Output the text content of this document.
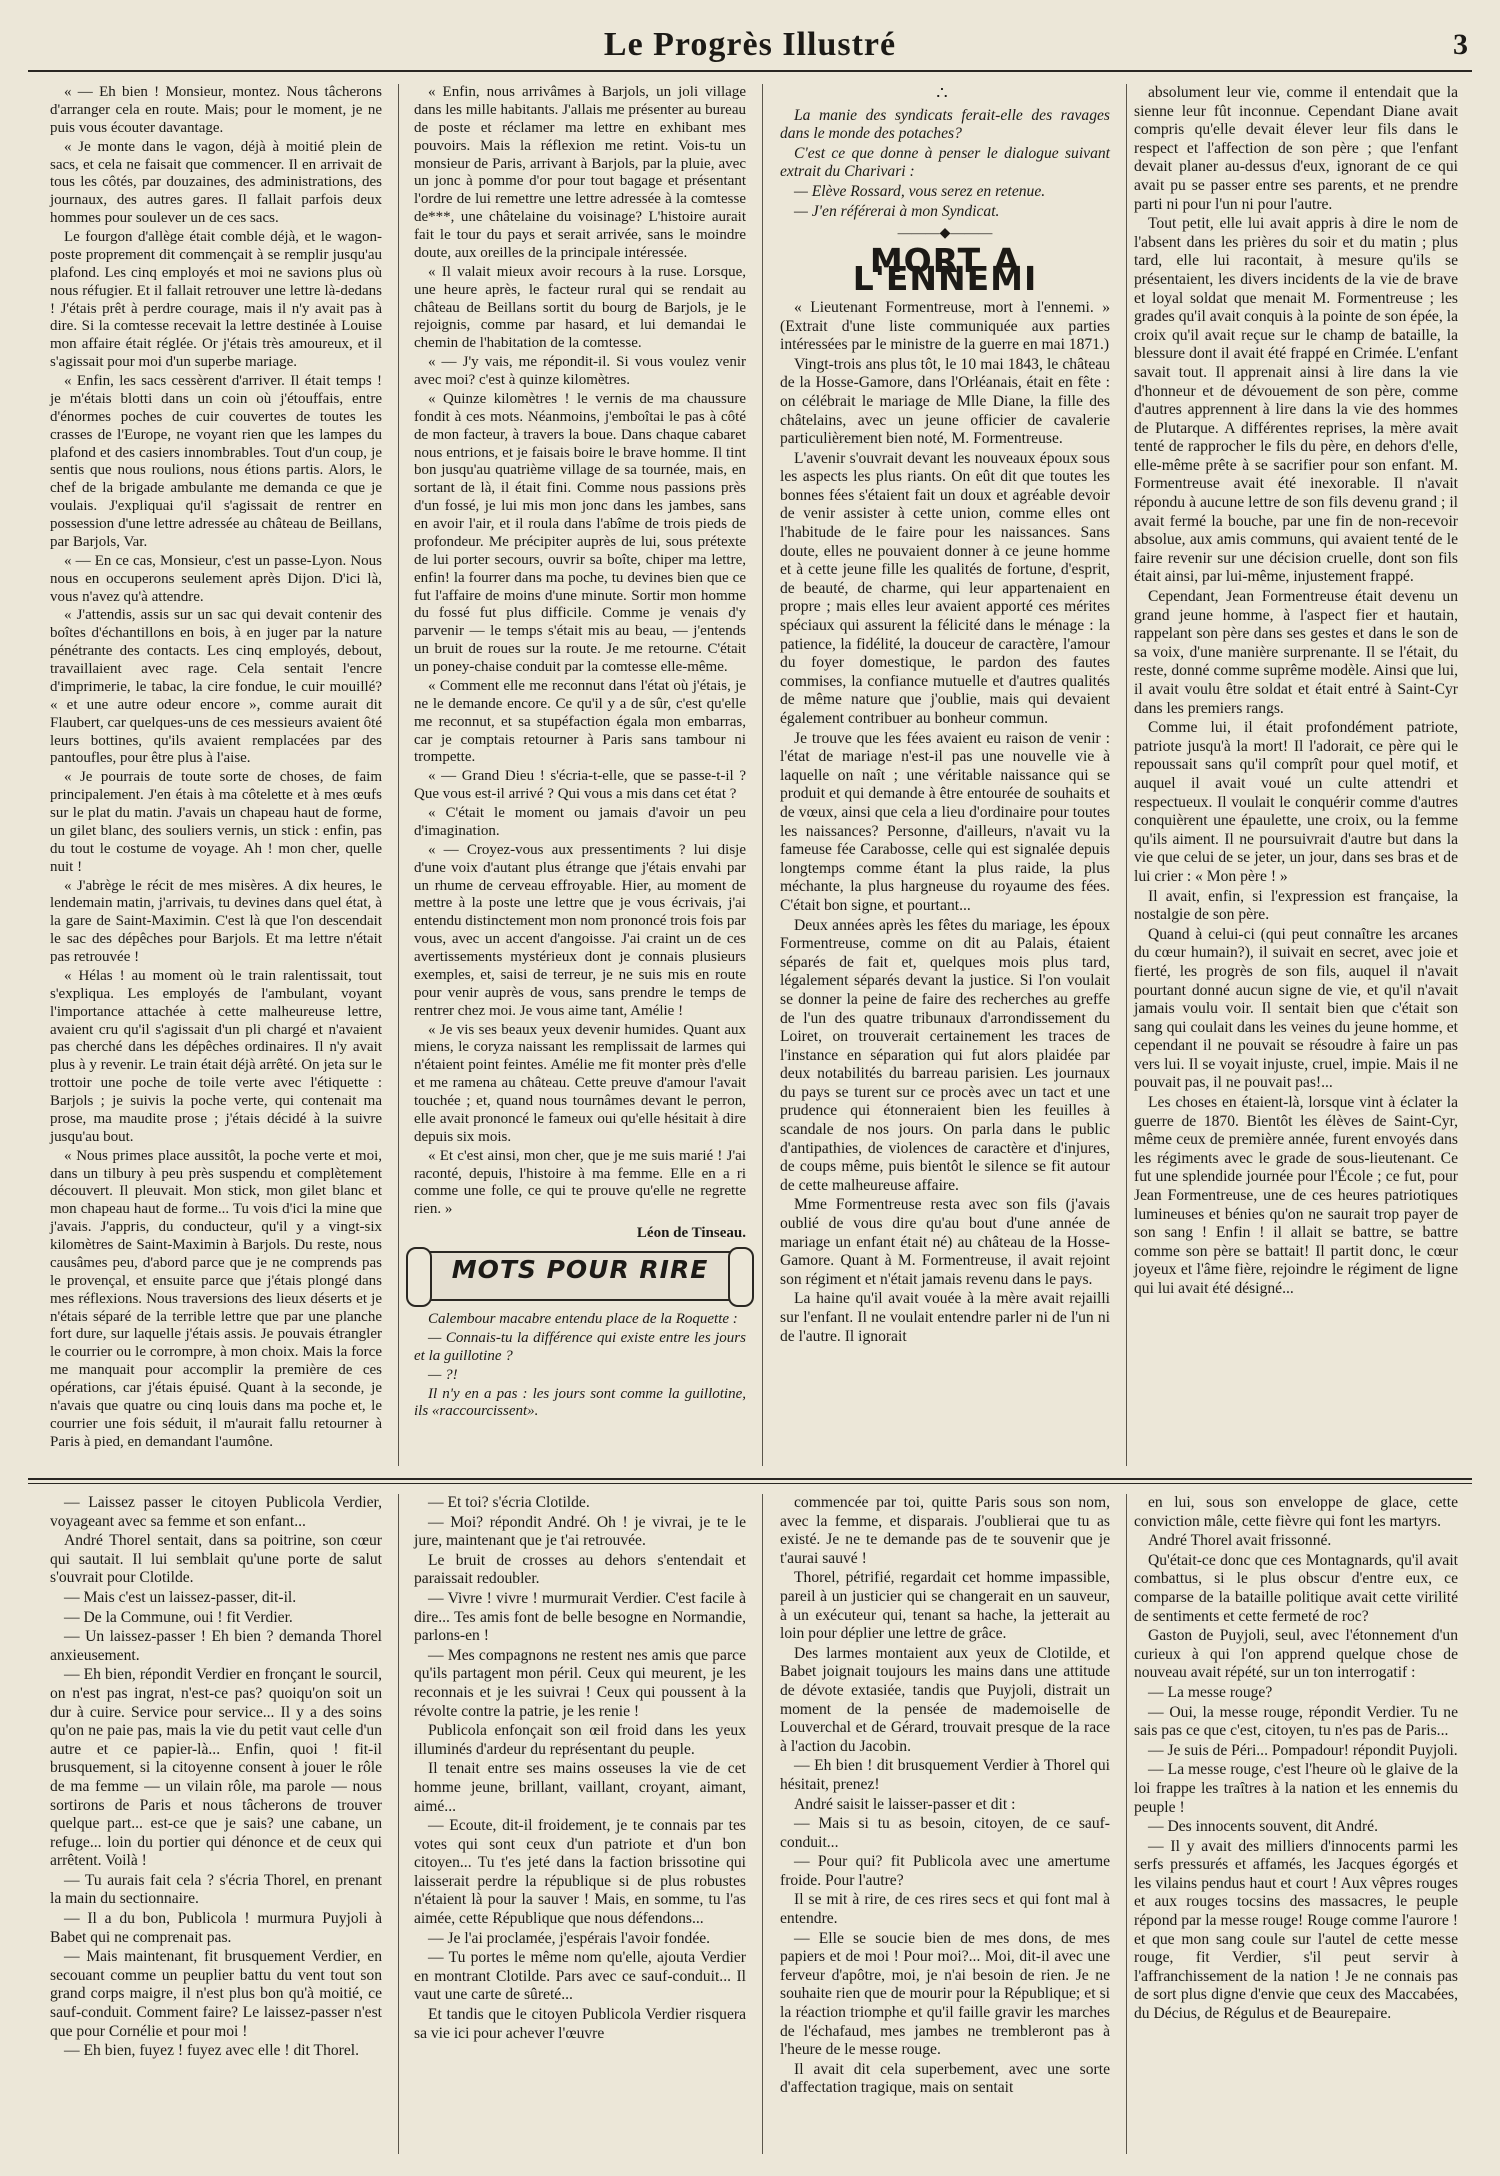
Le Progrès Illustré	3

« — Eh bien ! Monsieur, montez. Nous tâcherons d'arranger cela en route. Mais; pour le moment, je ne puis vous écouter davantage.

« Je monte dans le vagon, déjà à moitié plein de sacs, et cela ne faisait que commencer. Il en arrivait de tous les côtés, par douzaines, des administrations, des journaux, des autres gares. Il fallait parfois deux hommes pour soulever un de ces sacs.

Le fourgon d'allège était comble déjà, et le wagon-poste proprement dit commençait à se remplir jusqu'au plafond. Les cinq employés et moi ne savions plus où nous réfugier. Et il fallait retrouver une lettre là-dedans ! J'étais prêt à perdre courage, mais il n'y avait pas à dire. Si la comtesse recevait la lettre destinée à Louise mon affaire était réglée. Or j'étais très amoureux, et il s'agissait pour moi d'un superbe mariage.

« Enfin, les sacs cessèrent d'arriver. Il était temps ! je m'étais blotti dans un coin où j'étouffais, entre d'énormes poches de cuir couvertes de toutes les crasses de l'Europe, ne voyant rien que les lampes du plafond et des casiers innombrables. Tout d'un coup, je sentis que nous roulions, nous étions partis. Alors, le chef de la brigade ambulante me demanda ce que je voulais. J'expliquai qu'il s'agissait de rentrer en possession d'une lettre adressée au château de Beillans, par Barjols, Var.

« — En ce cas, Monsieur, c'est un passe-Lyon. Nous nous en occuperons seulement après Dijon. D'ici là, vous n'avez qu'à attendre.

« J'attendis, assis sur un sac qui devait contenir des boîtes d'échantillons en bois, à en juger par la nature pénétrante des contacts. Les cinq employés, debout, travaillaient avec rage. Cela sentait l'encre d'imprimerie, le tabac, la cire fondue, le cuir mouillé? « et une autre odeur encore », comme aurait dit Flaubert, car quelques-uns de ces messieurs avaient ôté leurs bottines, qu'ils avaient remplacées par des pantoufles, pour être plus à l'aise.

« Je pourrais de toute sorte de choses, de faim principalement. J'en étais à ma côtelette et à mes œufs sur le plat du matin. J'avais un chapeau haut de forme, un gilet blanc, des souliers vernis, un stick : enfin, pas du tout le costume de voyage. Ah ! mon cher, quelle nuit !

« J'abrège le récit de mes misères. A dix heures, le lendemain matin, j'arrivais, tu devines dans quel état, à la gare de Saint-Maximin. C'est là que l'on descendait le sac des dépêches pour Barjols. Et ma lettre n'était pas retrouvée !

« Hélas ! au moment où le train ralentissait, tout s'expliqua. Les employés de l'ambulant, voyant l'importance attachée à cette malheureuse lettre, avaient cru qu'il s'agissait d'un pli chargé et n'avaient pas cherché dans les dépêches ordinaires. Il n'y avait plus à y revenir. Le train était déjà arrêté. On jeta sur le trottoir une poche de toile verte avec l'étiquette : Barjols ; je suivis la poche verte, qui contenait ma prose, ma maudite prose ; j'étais décidé à la suivre jusqu'au bout.

« Nous primes place aussitôt, la poche verte et moi, dans un tilbury à peu près suspendu et complètement découvert. Il pleuvait. Mon stick, mon gilet blanc et mon chapeau haut de forme... Tu vois d'ici la mine que j'avais. J'appris, du conducteur, qu'il y a vingt-six kilomètres de Saint-Maximin à Barjols. Du reste, nous causâmes peu, d'abord parce que je ne comprends pas le provençal, et ensuite parce que j'étais plongé dans mes réflexions. Nous traversions des lieux déserts et je n'étais séparé de la terrible lettre que par une planche fort dure, sur laquelle j'étais assis. Je pouvais étrangler le courrier ou le corrompre, à mon choix. Mais la force me manquait pour accomplir la première de ces opérations, car j'étais épuisé. Quant à la seconde, je n'avais que quatre ou cinq louis dans ma poche et, le courrier une fois séduit, il m'aurait fallu retourner à Paris à pied, en demandant l'aumône.

« Enfin, nous arrivâmes à Barjols, un joli village dans les mille habitants. J'allais me présenter au bureau de poste et réclamer ma lettre en exhibant mes pouvoirs. Mais la réflexion me retint. Vois-tu un monsieur de Paris, arrivant à Barjols, par la pluie, avec un jonc à pomme d'or pour tout bagage et présentant l'ordre de lui remettre une lettre adressée à la comtesse de***, une châtelaine du voisinage? L'histoire aurait fait le tour du pays et serait arrivée, sans le moindre doute, aux oreilles de la principale intéressée.

« Il valait mieux avoir recours à la ruse. Lorsque, une heure après, le facteur rural qui se rendait au château de Beillans sortit du bourg de Barjols, je le rejoignis, comme par hasard, et lui demandai le chemin de l'habitation de la comtesse.

« — J'y vais, me répondit-il. Si vous voulez venir avec moi? c'est à quinze kilomètres.

« Quinze kilomètres ! le vernis de ma chaussure fondit à ces mots. Néanmoins, j'emboîtai le pas à côté de mon facteur, à travers la boue. Dans chaque cabaret nous entrions, et je faisais boire le brave homme. Il tint bon jusqu'au quatrième village de sa tournée, mais, en sortant de là, il était fini. Comme nous passions près d'un fossé, je lui mis mon jonc dans les jambes, sans en avoir l'air, et il roula dans l'abîme de trois pieds de profondeur. Me précipiter auprès de lui, sous prétexte de lui porter secours, ouvrir sa boîte, chiper ma lettre, enfin! la fourrer dans ma poche, tu devines bien que ce fut l'affaire de moins d'une minute. Sortir mon homme du fossé fut plus difficile. Comme je venais d'y parvenir — le temps s'était mis au beau, — j'entends un bruit de roues sur la route. Je me retourne. C'était un poney-chaise conduit par la comtesse elle-même.

« Comment elle me reconnut dans l'état où j'étais, je ne le demande encore. Ce qu'il y a de sûr, c'est qu'elle me reconnut, et sa stupéfaction égala mon embarras, car je comptais retourner à Paris sans tambour ni trompette.

« — Grand Dieu ! s'écria-t-elle, que se passe-t-il ? Que vous est-il arrivé ? Qui vous a mis dans cet état ?

« C'était le moment ou jamais d'avoir un peu d'imagination.

« — Croyez-vous aux pressentiments ? lui disje d'une voix d'autant plus étrange que j'étais envahi par un rhume de cerveau effroyable. Hier, au moment de mettre à la poste une lettre que je vous écrivais, j'ai entendu distinctement mon nom prononcé trois fois par vous, avec un accent d'angoisse. J'ai craint un de ces avertissements mystérieux dont je connais plusieurs exemples, et, saisi de terreur, je ne suis mis en route pour venir auprès de vous, sans prendre le temps de rentrer chez moi. Je vous aime tant, Amélie !

« Je vis ses beaux yeux devenir humides. Quant aux miens, le coryza naissant les remplissait de larmes qui n'étaient point feintes. Amélie me fit monter près d'elle et me ramena au château. Cette preuve d'amour l'avait touchée ; et, quand nous tournâmes devant le perron, elle avait prononcé le fameux oui qu'elle hésitait à dire depuis six mois.

« Et c'est ainsi, mon cher, que je me suis marié ! J'ai raconté, depuis, l'histoire à ma femme. Elle en a ri comme une folle, ce qui te prouve qu'elle ne regrette rien. »

Léon de Tinseau.

MOTS POUR RIRE

Calembour macabre entendu place de la Roquette :

— Connais-tu la différence qui existe entre les jours et la guillotine ?

— ?!

Il n'y en a pas : les jours sont comme la guillotine, ils «raccourcissent».

∴

La manie des syndicats ferait-elle des ravages dans le monde des potaches?

C'est ce que donne à penser le dialogue suivant extrait du Charivari :

— Elève Rossard, vous serez en retenue.

— J'en référerai à mon Syndicat.

———◆———
MORT A L'ENNEMI

« Lieutenant Formentreuse, mort à l'ennemi. » (Extrait d'une liste communiquée aux parties intéressées par le ministre de la guerre en mai 1871.)

Vingt-trois ans plus tôt, le 10 mai 1843, le château de la Hosse-Gamore, dans l'Orléanais, était en fête : on célébrait le mariage de Mlle Diane, la fille des châtelains, avec un jeune officier de cavalerie particulièrement bien noté, M. Formentreuse.

L'avenir s'ouvrait devant les nouveaux époux sous les aspects les plus riants. On eût dit que toutes les bonnes fées s'étaient fait un doux et agréable devoir de venir assister à cette union, comme elles ont l'habitude de le faire pour les naissances. Sans doute, elles ne pouvaient donner à ce jeune homme et à cette jeune fille les qualités de fortune, d'esprit, de beauté, de charme, qui leur appartenaient en propre ; mais elles leur avaient apporté ces mérites spéciaux qui assurent la félicité dans le ménage : la patience, la fidélité, la douceur de caractère, l'amour du foyer domestique, le pardon des fautes commises, la confiance mutuelle et d'autres qualités de même nature que j'oublie, mais qui devaient également contribuer au bonheur commun.

Je trouve que les fées avaient eu raison de venir : l'état de mariage n'est-il pas une nouvelle vie à laquelle on naît ; une véritable naissance qui se produit et qui demande à être entourée de souhaits et de vœux, ainsi que cela a lieu d'ordinaire pour toutes les naissances? Personne, d'ailleurs, n'avait vu la fameuse fée Carabosse, celle qui est signalée depuis longtemps comme étant la plus raide, la plus méchante, la plus hargneuse du royaume des fées. C'était bon signe, et pourtant...

Deux années après les fêtes du mariage, les époux Formentreuse, comme on dit au Palais, étaient séparés de fait et, quelques mois plus tard, légalement séparés devant la justice. Si l'on voulait se donner la peine de faire des recherches au greffe de l'un des quatre tribunaux d'arrondissement du Loiret, on trouverait certainement les traces de l'instance en séparation qui fut alors plaidée par deux notabilités du barreau parisien. Les journaux du pays se turent sur ce procès avec un tact et une prudence qui étonneraient bien les feuilles à scandale de nos jours. On parla dans le public d'antipathies, de violences de caractère et d'injures, de coups même, puis bientôt le silence se fit autour de cette malheureuse affaire.

Mme Formentreuse resta avec son fils (j'avais oublié de vous dire qu'au bout d'une année de mariage un enfant était né) au château de la Hosse-Gamore. Quant à M. Formentreuse, il avait rejoint son régiment et n'était jamais revenu dans le pays.

La haine qu'il avait vouée à la mère avait rejailli sur l'enfant. Il ne voulait entendre parler ni de l'un ni de l'autre. Il ignorait

absolument leur vie, comme il entendait que la sienne leur fût inconnue. Cependant Diane avait compris qu'elle devait élever leur fils dans le respect et l'affection de son père ; que l'enfant devait planer au-dessus d'eux, ignorant de ce qui avait pu se passer entre ses parents, et ne prendre parti ni pour l'un ni pour l'autre.

Tout petit, elle lui avait appris à dire le nom de l'absent dans les prières du soir et du matin ; plus tard, elle lui racontait, à mesure qu'ils se présentaient, les divers incidents de la vie de brave et loyal soldat que menait M. Formentreuse ; les grades qu'il avait conquis à la pointe de son épée, la croix qu'il avait reçue sur le champ de bataille, la blessure dont il avait été frappé en Crimée. L'enfant savait tout. Il apprenait ainsi à lire dans la vie d'honneur et de dévouement de son père, comme d'autres apprennent à lire dans la vie des hommes de Plutarque. A différentes reprises, la mère avait tenté de rapprocher le fils du père, en dehors d'elle, elle-même prête à se sacrifier pour son enfant. M. Formentreuse avait été inexorable. Il n'avait répondu à aucune lettre de son fils devenu grand ; il avait fermé la bouche, par une fin de non-recevoir absolue, aux amis communs, qui avaient tenté de le faire revenir sur une décision cruelle, dont son fils était ainsi, par lui-même, injustement frappé.

Cependant, Jean Formentreuse était devenu un grand jeune homme, à l'aspect fier et hautain, rappelant son père dans ses gestes et dans le son de sa voix, d'une manière surprenante. Il se l'était, du reste, donné comme suprême modèle. Ainsi que lui, il avait voulu être soldat et était entré à Saint-Cyr dans les premiers rangs.

Comme lui, il était profondément patriote, patriote jusqu'à la mort! Il l'adorait, ce père qui le repoussait sans qu'il comprît pour quel motif, et auquel il avait voué un culte attendri et respectueux. Il voulait le conquérir comme d'autres conquièrent une épaulette, une croix, ou la femme qu'ils aiment. Il ne poursuivrait d'autre but dans la vie que celui de se jeter, un jour, dans ses bras et de lui crier : « Mon père ! »

Il avait, enfin, si l'expression est française, la nostalgie de son père.

Quand à celui-ci (qui peut connaître les arcanes du cœur humain?), il suivait en secret, avec joie et fierté, les progrès de son fils, auquel il n'avait pourtant donné aucun signe de vie, et qu'il n'avait jamais voulu voir. Il sentait bien que c'était son sang qui coulait dans les veines du jeune homme, et cependant il ne pouvait se résoudre à faire un pas vers lui. Il se voyait injuste, cruel, impie. Mais il ne pouvait pas, il ne pouvait pas!...

Les choses en étaient-là, lorsque vint à éclater la guerre de 1870. Bientôt les élèves de Saint-Cyr, même ceux de première année, furent envoyés dans les régiments avec le grade de sous-lieutenant. Ce fut une splendide journée pour l'École ; ce fut, pour Jean Formentreuse, une de ces heures patriotiques lumineuses et bénies qu'on ne saurait trop payer de son sang ! Enfin ! il allait se battre, se battre comme son père se battait! Il partit donc, le cœur joyeux et l'âme fière, rejoindre le régiment de ligne qui lui avait été désigné...

— Laissez passer le citoyen Publicola Verdier, voyageant avec sa femme et son enfant...

André Thorel sentait, dans sa poitrine, son cœur qui sautait. Il lui semblait qu'une porte de salut s'ouvrait pour Clotilde.

— Mais c'est un laissez-passer, dit-il.

— De la Commune, oui ! fit Verdier.

— Un laissez-passer ! Eh bien ? demanda Thorel anxieusement.

— Eh bien, répondit Verdier en fronçant le sourcil, on n'est pas ingrat, n'est-ce pas? quoiqu'on soit un dur à cuire. Service pour service... Il y a des soins qu'on ne paie pas, mais la vie du petit vaut celle d'un autre et ce papier-là... Enfin, quoi ! fit-il brusquement, si la citoyenne consent à jouer le rôle de ma femme — un vilain rôle, ma parole — nous sortirons de Paris et nous tâcherons de trouver quelque part... est-ce que je sais? une cabane, un refuge... loin du portier qui dénonce et de ceux qui arrêtent. Voilà !

— Tu aurais fait cela ? s'écria Thorel, en prenant la main du sectionnaire.

— Il a du bon, Publicola ! murmura Puyjoli à Babet qui ne comprenait pas.

— Mais maintenant, fit brusquement Verdier, en secouant comme un peuplier battu du vent tout son grand corps maigre, il n'est plus bon qu'à moitié, ce sauf-conduit. Comment faire? Le laissez-passer n'est que pour Cornélie et pour moi !

— Eh bien, fuyez ! fuyez avec elle ! dit Thorel.

— Et toi? s'écria Clotilde.

— Moi? répondit André. Oh ! je vivrai, je te le jure, maintenant que je t'ai retrouvée.

Le bruit de crosses au dehors s'entendait et paraissait redoubler.

— Vivre ! vivre ! murmurait Verdier. C'est facile à dire... Tes amis font de belle besogne en Normandie, parlons-en !

— Mes compagnons ne restent nes amis que parce qu'ils partagent mon péril. Ceux qui meurent, je les reconnais et je les suivrai ! Ceux qui poussent à la révolte contre la patrie, je les renie !

Publicola enfonçait son œil froid dans les yeux illuminés d'ardeur du représentant du peuple.

Il tenait entre ses mains osseuses la vie de cet homme jeune, brillant, vaillant, croyant, aimant, aimé...

— Ecoute, dit-il froidement, je te connais par tes votes qui sont ceux d'un patriote et d'un bon citoyen... Tu t'es jeté dans la faction brissotine qui laisserait perdre la république si de plus robustes n'étaient là pour la sauver ! Mais, en somme, tu l'as aimée, cette République que nous défendons...

— Je l'ai proclamée, j'espérais l'avoir fondée.

— Tu portes le même nom qu'elle, ajouta Verdier en montrant Clotilde. Pars avec ce sauf-conduit... Il vaut une carte de sûreté...

Et tandis que le citoyen Publicola Verdier risquera sa vie ici pour achever l'œuvre

commencée par toi, quitte Paris sous son nom, avec la femme, et disparais. J'oublierai que tu as existé. Je ne te demande pas de te souvenir que je t'aurai sauvé !

Thorel, pétrifié, regardait cet homme impassible, pareil à un justicier qui se changerait en un sauveur, à un exécuteur qui, tenant sa hache, la jetterait au loin pour déplier une lettre de grâce.

Des larmes montaient aux yeux de Clotilde, et Babet joignait toujours les mains dans une attitude de dévote extasiée, tandis que Puyjoli, distrait un moment de la pensée de mademoiselle de Louverchal et de Gérard, trouvait presque de la race à l'action du Jacobin.

— Eh bien ! dit brusquement Verdier à Thorel qui hésitait, prenez!

André saisit le laisser-passer et dit :

— Mais si tu as besoin, citoyen, de ce sauf-conduit...

— Pour qui? fit Publicola avec une amertume froide. Pour l'autre?

Il se mit à rire, de ces rires secs et qui font mal à entendre.

— Elle se soucie bien de mes dons, de mes papiers et de moi ! Pour moi?... Moi, dit-il avec une ferveur d'apôtre, moi, je n'ai besoin de rien. Je ne souhaite rien que de mourir pour la République; et si la réaction triomphe et qu'il faille gravir les marches de l'échafaud, mes jambes ne trembleront pas à l'heure de le messe rouge.

Il avait dit cela superbement, avec une sorte d'affectation tragique, mais on sentait

en lui, sous son enveloppe de glace, cette conviction mâle, cette fièvre qui font les martyrs.

André Thorel avait frissonné.

Qu'était-ce donc que ces Montagnards, qu'il avait combattus, si le plus obscur d'entre eux, ce comparse de la bataille politique avait cette virilité de sentiments et cette fermeté de roc?

Gaston de Puyjoli, seul, avec l'étonnement d'un curieux à qui l'on apprend quelque chose de nouveau avait répété, sur un ton interrogatif :

— La messe rouge?

— Oui, la messe rouge, répondit Verdier. Tu ne sais pas ce que c'est, citoyen, tu n'es pas de Paris...

— Je suis de Péri... Pompadour! répondit Puyjoli.

— La messe rouge, c'est l'heure où le glaive de la loi frappe les traîtres à la nation et les ennemis du peuple !

— Des innocents souvent, dit André.

— Il y avait des milliers d'innocents parmi les serfs pressurés et affamés, les Jacques égorgés et les vilains pendus haut et court ! Aux vêpres rouges et aux rouges tocsins des massacres, le peuple répond par la messe rouge! Rouge comme l'aurore ! et que mon sang coule sur l'autel de cette messe rouge, fit Verdier, s'il peut servir à l'affranchissement de la nation ! Je ne connais pas de sort plus digne d'envie que ceux des Maccabées, du Décius, de Régulus et de Beaurepaire.
